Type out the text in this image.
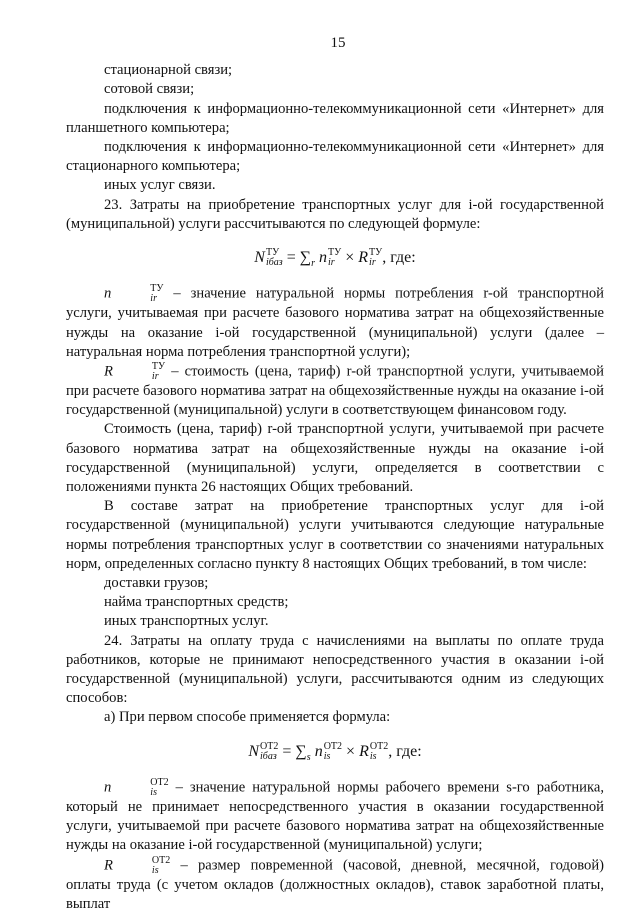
15

стационарной связи;

сотовой связи;

подключения к информационно-телекоммуникационной сети «Интернет» для планшетного компьютера;

подключения к информационно-телекоммуникационной сети «Интернет» для стационарного компьютера;

иных услуг связи.

23. Затраты на приобретение транспортных услуг для i-ой государственной (муниципальной) услуги рассчитываются по следующей формуле:

N ТУ
iбаз = $\sum_r$ n ТУ
ir × R ТУ
ir , где:

n	ТУ
ir – значение натуральной нормы потребления r-ой транспортной услуги, учитываемая при расчете базового норматива затрат на общехозяйственные нужды на оказание i-ой государственной (муниципальной) услуги (далее – натуральная норма потребления транспортной услуги);

R	ТУ
ir – стоимость (цена, тариф) r-ой транспортной услуги, учитываемой при расчете базового норматива затрат на общехозяйственные нужды на оказание i-ой государственной (муниципальной) услуги в соответствующем финансовом году.

Стоимость (цена, тариф) r-ой транспортной услуги, учитываемой при расчете базового норматива затрат на общехозяйственные нужды на оказание i-ой государственной (муниципальной) услуги, определяется в соответствии с положениями пункта 26 настоящих Общих требований.

В составе затрат на приобретение транспортных услуг для i-ой государственной (муниципальной) услуги учитываются следующие натуральные нормы потребления транспортных услуг в соответствии со значениями натуральных норм, определенных согласно пункту 8 настоящих Общих требований, в том числе:

доставки грузов;

найма транспортных средств;

иных транспортных услуг.

24. Затраты на оплату труда с начислениями на выплаты по оплате труда работников, которые не принимают непосредственного участия в оказании i-ой государственной (муниципальной) услуги, рассчитываются одним из следующих способов:

а) При первом способе применяется формула:

N ОТ2
iбаз = $\sum_s$ n ОТ2
is × R ОТ2
is , где:

n	ОТ2
is – значение натуральной нормы рабочего времени s-го работника, который не принимает непосредственного участия в оказании государственной услуги, учитываемой при расчете базового норматива затрат на общехозяйственные нужды на оказание i-ой государственной (муниципальной) услуги;

R	ОТ2
is – размер повременной (часовой, дневной, месячной, годовой) оплаты труда (с учетом окладов (должностных окладов), ставок заработной платы, выплат
